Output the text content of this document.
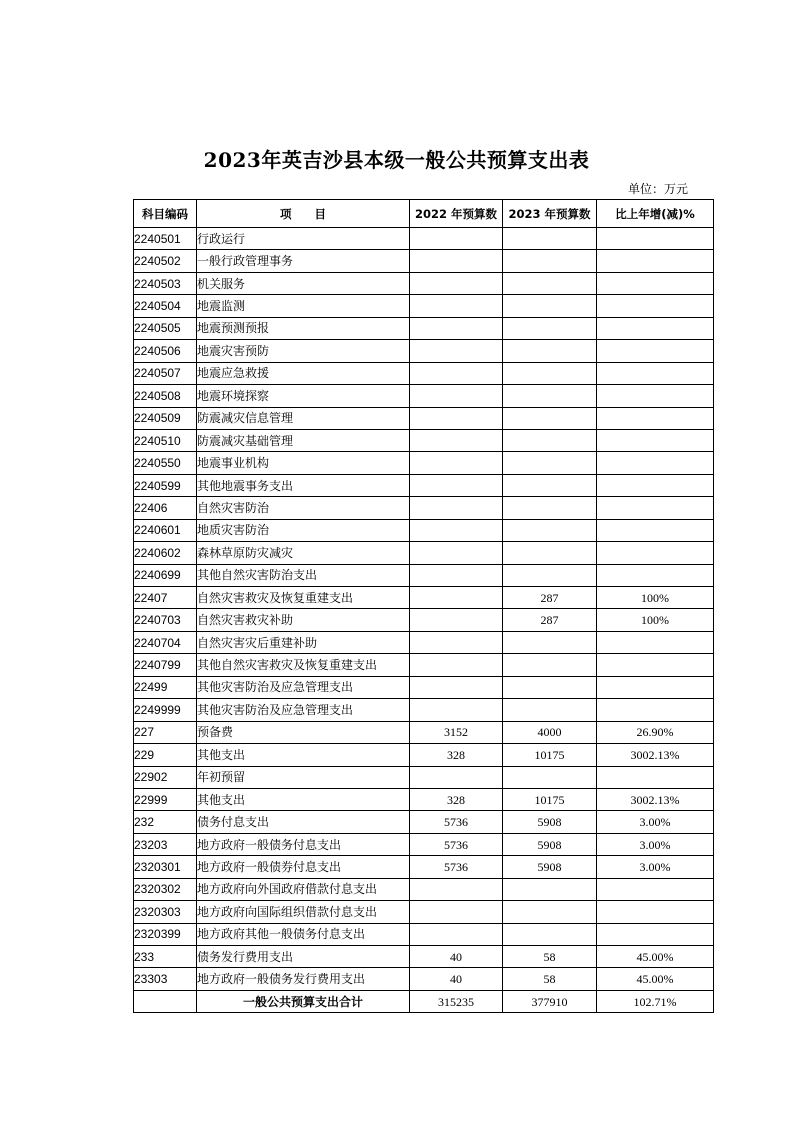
2023年英吉沙县本级一般公共预算支出表
单位：万元
科目编码	项　　目	2022 年预算数	2023 年预算数	比上年增(减)%
2240501	行政运行			
2240502	一般行政管理事务			
2240503	机关服务			
2240504	地震监测			
2240505	地震预测预报			
2240506	地震灾害预防			
2240507	地震应急救援			
2240508	地震环境探察			
2240509	防震减灾信息管理			
2240510	防震减灾基础管理			
2240550	地震事业机构			
2240599	其他地震事务支出			
22406	自然灾害防治			
2240601	地质灾害防治			
2240602	森林草原防灾减灾			
2240699	其他自然灾害防治支出			
22407	自然灾害救灾及恢复重建支出		287	100%
2240703	自然灾害救灾补助		287	100%
2240704	自然灾害灾后重建补助			
2240799	其他自然灾害救灾及恢复重建支出			
22499	其他灾害防治及应急管理支出			
2249999	其他灾害防治及应急管理支出			
227	预备费	3152	4000	26.90%
229	其他支出	328	10175	3002.13%
22902	年初预留			
22999	其他支出	328	10175	3002.13%
232	债务付息支出	5736	5908	3.00%
23203	地方政府一般债务付息支出	5736	5908	3.00%
2320301	地方政府一般债券付息支出	5736	5908	3.00%
2320302	地方政府向外国政府借款付息支出			
2320303	地方政府向国际组织借款付息支出			
2320399	地方政府其他一般债务付息支出			
233	债务发行费用支出	40	58	45.00%
23303	地方政府一般债务发行费用支出	40	58	45.00%
	一般公共预算支出合计	315235	377910	102.71%
